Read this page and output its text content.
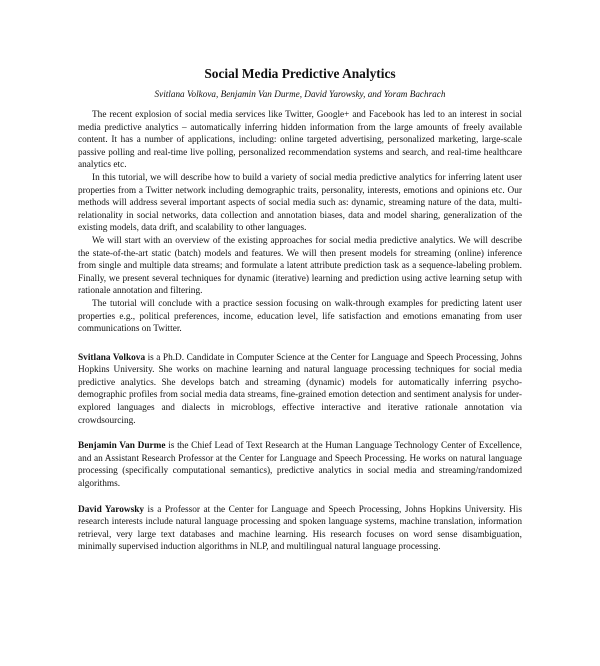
Social Media Predictive Analytics
Svitlana Volkova, Benjamin Van Durme, David Yarowsky, and Yoram Bachrach

The recent explosion of social media services like Twitter, Google+ and Facebook has led to an interest in social media predictive analytics – automatically inferring hidden information from the large amounts of freely available content. It has a number of applications, including: online targeted advertising, personalized marketing, large-scale passive polling and real-time live polling, personalized recommendation systems and search, and real-time healthcare analytics etc.

In this tutorial, we will describe how to build a variety of social media predictive analytics for inferring latent user properties from a Twitter network including demographic traits, personality, interests, emotions and opinions etc. Our methods will address several important aspects of social media such as: dynamic, streaming nature of the data, multi-relationality in social networks, data collection and annotation biases, data and model sharing, generalization of the existing models, data drift, and scalability to other languages.

We will start with an overview of the existing approaches for social media predictive analytics. We will describe the state-of-the-art static (batch) models and features. We will then present models for streaming (online) inference from single and multiple data streams; and formulate a latent attribute prediction task as a sequence-labeling problem. Finally, we present several techniques for dynamic (iterative) learning and prediction using active learning setup with rationale annotation and filtering.

The tutorial will conclude with a practice session focusing on walk-through examples for predicting latent user properties e.g., political preferences, income, education level, life satisfaction and emotions emanating from user communications on Twitter.

Svitlana Volkova is a Ph.D. Candidate in Computer Science at the Center for Language and Speech Processing, Johns Hopkins University. She works on machine learning and natural language processing techniques for social media predictive analytics. She develops batch and streaming (dynamic) models for automatically inferring psycho-demographic profiles from social media data streams, fine-grained emotion detection and sentiment analysis for under-explored languages and dialects in microblogs, effective interactive and iterative rationale annotation via crowdsourcing.

Benjamin Van Durme is the Chief Lead of Text Research at the Human Language Technology Center of Excellence, and an Assistant Research Professor at the Center for Language and Speech Processing. He works on natural language processing (specifically computational semantics), predictive analytics in social media and streaming/randomized algorithms.

David Yarowsky is a Professor at the Center for Language and Speech Processing, Johns Hopkins University. His research interests include natural language processing and spoken language systems, machine translation, information retrieval, very large text databases and machine learning. His research focuses on word sense disambiguation, minimally supervised induction algorithms in NLP, and multilingual natural language processing.
